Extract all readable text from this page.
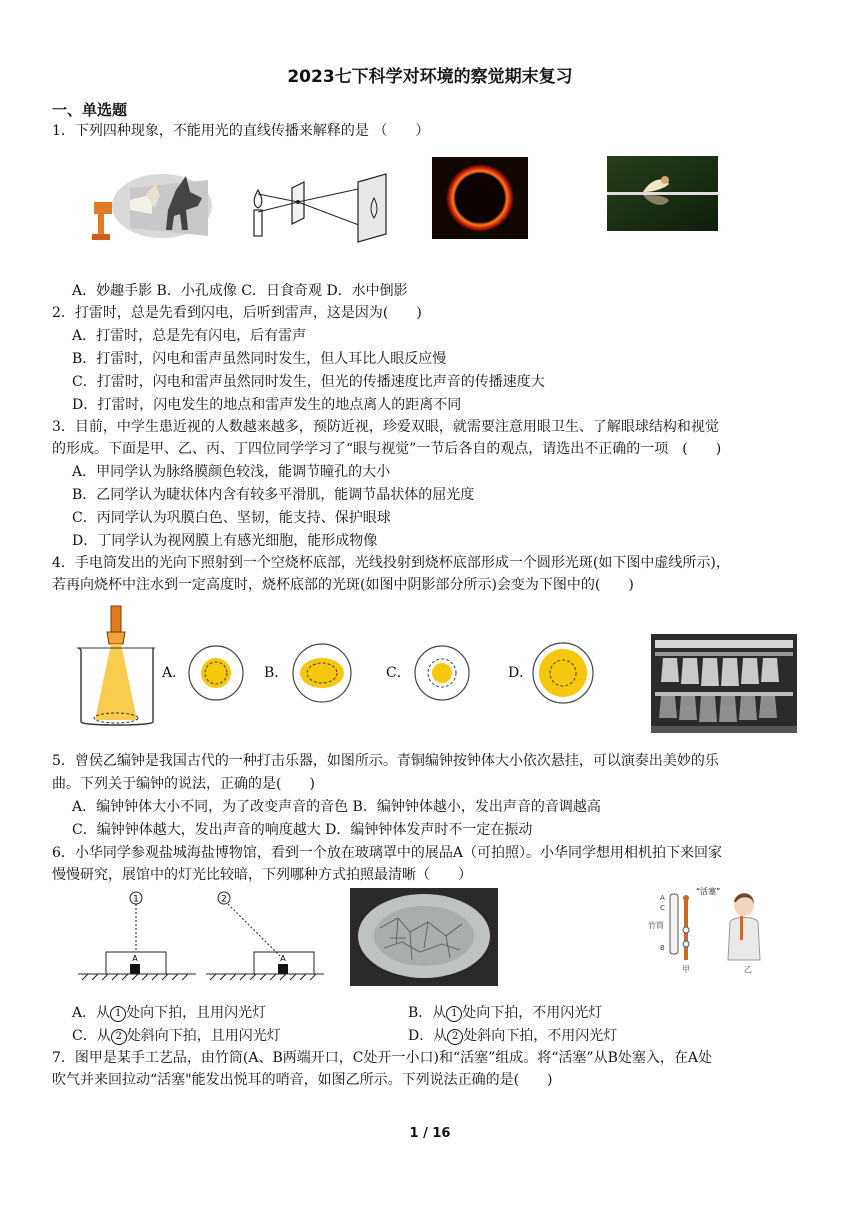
2023七下科学对环境的察觉期末复习
一、单选题
1．下列四种现象，不能用光的直线传播来解释的是 （　　）
A．妙趣手影 B．小孔成像 C．日食奇观 D．水中倒影
2．打雷时，总是先看到闪电，后听到雷声，这是因为(　　)
A．打雷时，总是先有闪电，后有雷声
B．打雷时，闪电和雷声虽然同时发生，但人耳比人眼反应慢
C．打雷时，闪电和雷声虽然同时发生，但光的传播速度比声音的传播速度大
D．打雷时，闪电发生的地点和雷声发生的地点离人的距离不同
3．目前，中学生患近视的人数越来越多，预防近视，珍爱双眼，就需要注意用眼卫生、了解眼球结构和视觉
的形成。下面是甲、乙、丙、丁四位同学学习了“眼与视觉”一节后各自的观点，请选出不正确的一项　(　　)
A．甲同学认为脉络膜颜色较浅，能调节瞳孔的大小
B．乙同学认为睫状体内含有较多平滑肌，能调节晶状体的屈光度
C．丙同学认为巩膜白色、坚韧，能支持、保护眼球
D．丁同学认为视网膜上有感光细胞，能形成物像
4．手电筒发出的光向下照射到一个空烧杯底部，光线投射到烧杯底部形成一个圆形光斑(如下图中虚线所示)，
若再向烧杯中注水到一定高度时，烧杯底部的光斑(如图中阴影部分所示)会变为下图中的(　　)
A．	B．	C．	D．
5．曾侯乙编钟是我国古代的一种打击乐器，如图所示。青铜编钟按钟体大小依次悬挂，可以演奏出美妙的乐
曲。下列关于编钟的说法，正确的是(　　)
A．编钟钟体大小不同，为了改变声音的音色 B．编钟钟体越小，发出声音的音调越高
C．编钟钟体越大，发出声音的响度越大 D．编钟钟体发声时不一定在振动
6．小华同学参观盐城海盐博物馆，看到一个放在玻璃罩中的展品A（可拍照）。小华同学想用相机拍下来回家
慢慢研究，展馆中的灯光比较暗，下列哪种方式拍照最清晰（　　）
1
A
2
A
“活塞”
A
C
B
竹筒
甲	乙
A．从 1 处向下拍，且用闪光灯	B．从 1 处向下拍，不用闪光灯
C．从 2 处斜向下拍，且用闪光灯	D．从 2 处斜向下拍，不用闪光灯
7．图甲是某手工艺品，由竹筒(A、B两端开口，C处开一小口)和“活塞”组成。将“活塞”从B处塞入，在A处
吹气并来回拉动“活塞"能发出悦耳的哨音，如图乙所示。下列说法正确的是(　　)
1 / 16
